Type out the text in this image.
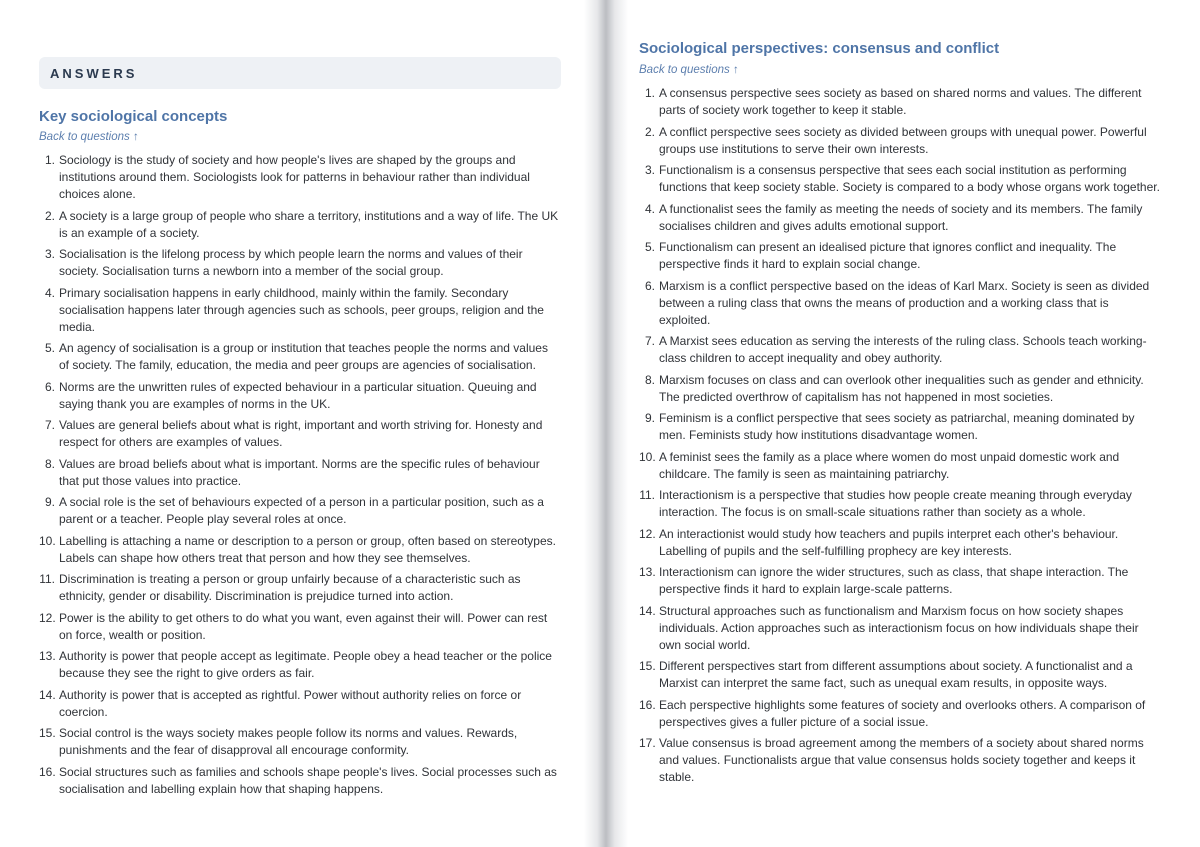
ANSWERS
Key sociological concepts
Back to questions ↑
1. Sociology is the study of society and how people's lives are shaped by the groups and institutions around them. Sociologists look for patterns in behaviour rather than individual choices alone.
2. A society is a large group of people who share a territory, institutions and a way of life. The UK is an example of a society.
3. Socialisation is the lifelong process by which people learn the norms and values of their society. Socialisation turns a newborn into a member of the social group.
4. Primary socialisation happens in early childhood, mainly within the family. Secondary socialisation happens later through agencies such as schools, peer groups, religion and the media.
5. An agency of socialisation is a group or institution that teaches people the norms and values of society. The family, education, the media and peer groups are agencies of socialisation.
6. Norms are the unwritten rules of expected behaviour in a particular situation. Queuing and saying thank you are examples of norms in the UK.
7. Values are general beliefs about what is right, important and worth striving for. Honesty and respect for others are examples of values.
8. Values are broad beliefs about what is important. Norms are the specific rules of behaviour that put those values into practice.
9. A social role is the set of behaviours expected of a person in a particular position, such as a parent or a teacher. People play several roles at once.
10. Labelling is attaching a name or description to a person or group, often based on stereotypes. Labels can shape how others treat that person and how they see themselves.
11. Discrimination is treating a person or group unfairly because of a characteristic such as ethnicity, gender or disability. Discrimination is prejudice turned into action.
12. Power is the ability to get others to do what you want, even against their will. Power can rest on force, wealth or position.
13. Authority is power that people accept as legitimate. People obey a head teacher or the police because they see the right to give orders as fair.
14. Authority is power that is accepted as rightful. Power without authority relies on force or coercion.
15. Social control is the ways society makes people follow its norms and values. Rewards, punishments and the fear of disapproval all encourage conformity.
16. Social structures such as families and schools shape people's lives. Social processes such as socialisation and labelling explain how that shaping happens.
Sociological perspectives: consensus and conflict
Back to questions ↑
1. A consensus perspective sees society as based on shared norms and values. The different parts of society work together to keep it stable.
2. A conflict perspective sees society as divided between groups with unequal power. Powerful groups use institutions to serve their own interests.
3. Functionalism is a consensus perspective that sees each social institution as performing functions that keep society stable. Society is compared to a body whose organs work together.
4. A functionalist sees the family as meeting the needs of society and its members. The family socialises children and gives adults emotional support.
5. Functionalism can present an idealised picture that ignores conflict and inequality. The perspective finds it hard to explain social change.
6. Marxism is a conflict perspective based on the ideas of Karl Marx. Society is seen as divided between a ruling class that owns the means of production and a working class that is exploited.
7. A Marxist sees education as serving the interests of the ruling class. Schools teach working-class children to accept inequality and obey authority.
8. Marxism focuses on class and can overlook other inequalities such as gender and ethnicity. The predicted overthrow of capitalism has not happened in most societies.
9. Feminism is a conflict perspective that sees society as patriarchal, meaning dominated by men. Feminists study how institutions disadvantage women.
10. A feminist sees the family as a place where women do most unpaid domestic work and childcare. The family is seen as maintaining patriarchy.
11. Interactionism is a perspective that studies how people create meaning through everyday interaction. The focus is on small-scale situations rather than society as a whole.
12. An interactionist would study how teachers and pupils interpret each other's behaviour. Labelling of pupils and the self-fulfilling prophecy are key interests.
13. Interactionism can ignore the wider structures, such as class, that shape interaction. The perspective finds it hard to explain large-scale patterns.
14. Structural approaches such as functionalism and Marxism focus on how society shapes individuals. Action approaches such as interactionism focus on how individuals shape their own social world.
15. Different perspectives start from different assumptions about society. A functionalist and a Marxist can interpret the same fact, such as unequal exam results, in opposite ways.
16. Each perspective highlights some features of society and overlooks others. A comparison of perspectives gives a fuller picture of a social issue.
17. Value consensus is broad agreement among the members of a society about shared norms and values. Functionalists argue that value consensus holds society together and keeps it stable.
